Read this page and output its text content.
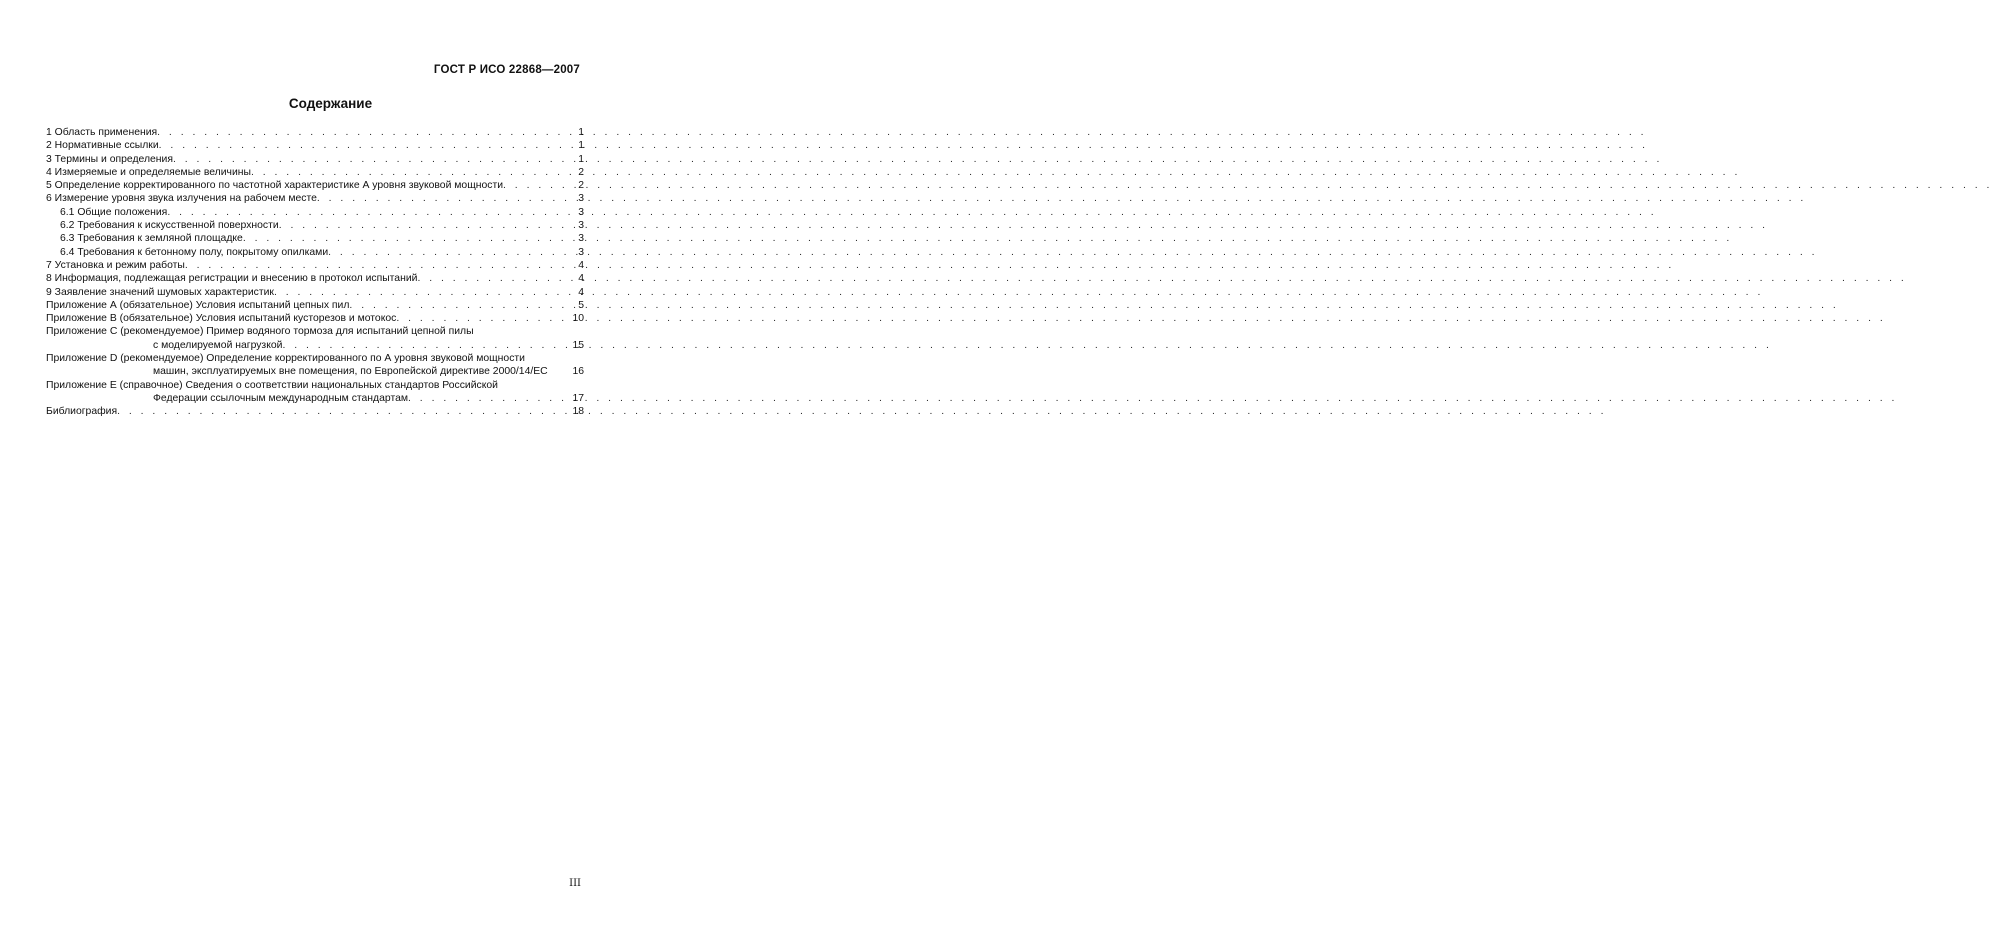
ГОСТ Р ИСО 22868—2007
Содержание
1 Область применения . . .	1
2 Нормативные ссылки . . .	1
3 Термины и определения . . .	1
4 Измеряемые и определяемые величины . . .	2
5 Определение корректированного по частотной характеристике А уровня звуковой мощности . . .	2
6 Измерение уровня звука излучения на рабочем месте . . .	3
6.1 Общие положения . . .	3
6.2 Требования к искусственной поверхности . . .	3
6.3 Требования к земляной площадке . . .	3
6.4 Требования к бетонному полу, покрытому опилками . . .	3
7 Установка и режим работы . . .	4
8 Информация, подлежащая регистрации и внесению в протокол испытаний . . .	4
9 Заявление значений шумовых характеристик . . .	4
Приложение А (обязательное) Условия испытаний цепных пил . . .	5
Приложение В (обязательное) Условия испытаний кусторезов и мотокос . . .	10
Приложение С (рекомендуемое) Пример водяного тормоза для испытаний цепной пилы
с моделируемой нагрузкой . . .	15
Приложение D (рекомендуемое) Определение корректированного по А уровня звуковой мощности
машин, эксплуатируемых вне помещения, по Европейской директиве 2000/14/ЕС	16
Приложение Е (справочное) Сведения о соответствии национальных стандартов Российской
Федерации ссылочным международным стандартам . . .	17
Библиография . . .	18
III
